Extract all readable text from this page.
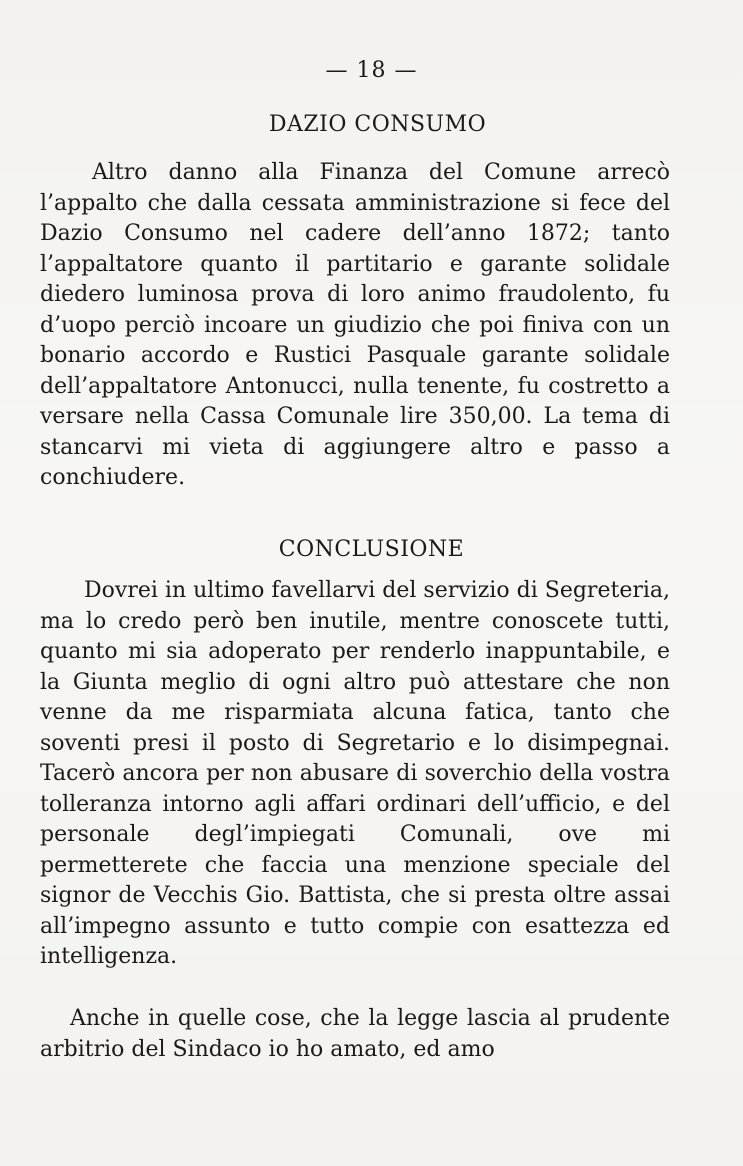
— 18 —
DAZIO CONSUMO

Altro danno alla Finanza del Comune arrecò l’appalto che dalla cessata amministrazione si fece del Dazio Consumo nel cadere dell’anno 1872; tanto l’appaltatore quanto il partitario e garante solidale diedero luminosa prova di loro animo fraudolento, fu d’uopo perciò incoare un giudizio che poi finiva con un bonario accordo e Rustici Pasquale garante solidale dell’appaltatore Antonucci, nulla tenente, fu costretto a versare nella Cassa Comunale lire 350,00. La tema di stancarvi mi vieta di aggiungere altro e passo a conchiudere.

CONCLUSIONE

Dovrei in ultimo favellarvi del servizio di Segreteria, ma lo credo però ben inutile, mentre conoscete tutti, quanto mi sia adoperato per renderlo inappuntabile, e la Giunta meglio di ogni altro può attestare che non venne da me risparmiata alcuna fatica, tanto che soventi presi il posto di Segretario e lo disimpegnai. Tacerò ancora per non abusare di soverchio della vostra tolleranza intorno agli affari ordinari dell’ufficio, e del personale degl’impiegati Comunali, ove mi permetterete che faccia una menzione speciale del signor de Vecchis Gio. Battista, che si presta oltre assai all’impegno assunto e tutto compie con esattezza ed intelligenza.

Anche in quelle cose, che la legge lascia al prudente arbitrio del Sindaco io ho amato, ed amo
